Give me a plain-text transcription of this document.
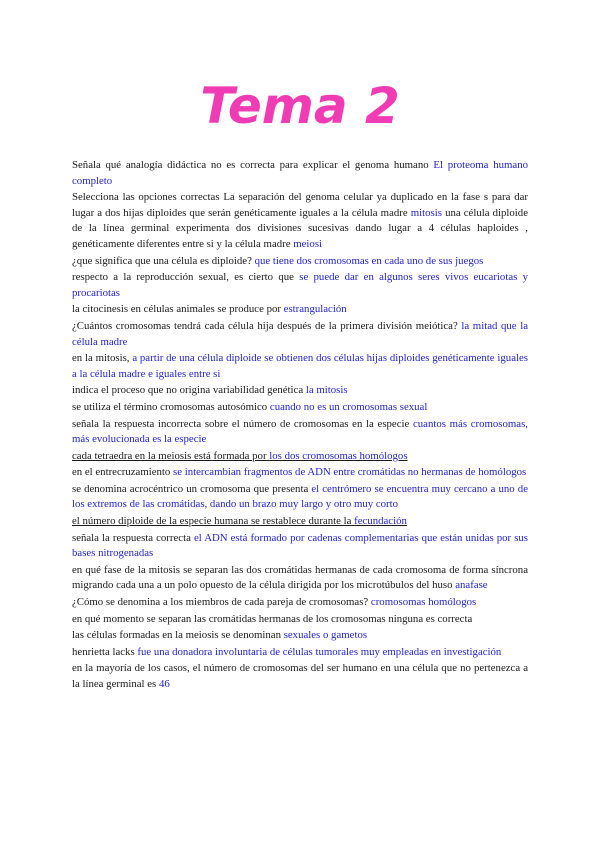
Tema 2
Señala qué analogía didáctica no es correcta para explicar el genoma humano El proteoma humano completo
Selecciona las opciones correctas La separación del genoma celular ya duplicado en la fase s para dar lugar a dos hijas diploides que serán genéticamente iguales a la célula madre mitosis una célula diploide de la línea germinal experimenta dos divisiones sucesivas dando lugar a 4 células haploides , genéticamente diferentes entre si y la célula madre meiosi
¿que significa que una célula es diploide? que tiene dos cromosomas en cada uno de sus juegos
respecto a la reproducción sexual, es cierto que se puede dar en algunos seres vivos eucariotas y procariotas
la citocinesis en células animales se produce por estrangulación
¿Cuántos cromosomas tendrá cada célula hija después de la primera división meiótica? la mitad que la célula madre
en la mitosis, a partir de una célula diploide se obtienen dos células hijas diploides genéticamente iguales a la célula madre e iguales entre si
indica el proceso que no origina variabilidad genética la mitosis
se utiliza el término cromosomas autosómico cuando no es un cromosomas sexual
señala la respuesta incorrecta sobre el número de cromosomas en la especie cuantos más cromosomas, más evolucionada es la especie
cada tetraedra en la meiosis está formada por los dos cromosomas homólogos
en el entrecruzamiento se intercambian fragmentos de ADN entre cromátidas no hermanas de homólogos
se denomina acrocéntrico un cromosoma que presenta el centrómero se encuentra muy cercano a uno de los extremos de las cromátidas, dando un brazo muy largo y otro muy corto
el número diploide de la especie humana se restablece durante la fecundación
señala la respuesta correcta el ADN está formado por cadenas complementarias que están unidas por sus bases nitrogenadas
en qué fase de la mitosis se separan las dos cromátidas hermanas de cada cromosoma de forma síncrona migrando cada una a un polo opuesto de la célula dirigida por los microtúbulos del huso anafase
¿Cómo se denomina a los miembros de cada pareja de cromosomas? cromosomas homólogos
en qué momento se separan las cromátidas hermanas de los cromosomas ninguna es correcta
las células formadas en la meiosis se denominan sexuales o gametos
henrietta lacks fue una donadora involuntaria de células tumorales muy empleadas en investigación
en la mayoría de los casos, el número de cromosomas del ser humano en una célula que no pertenezca a la línea germinal es 46
